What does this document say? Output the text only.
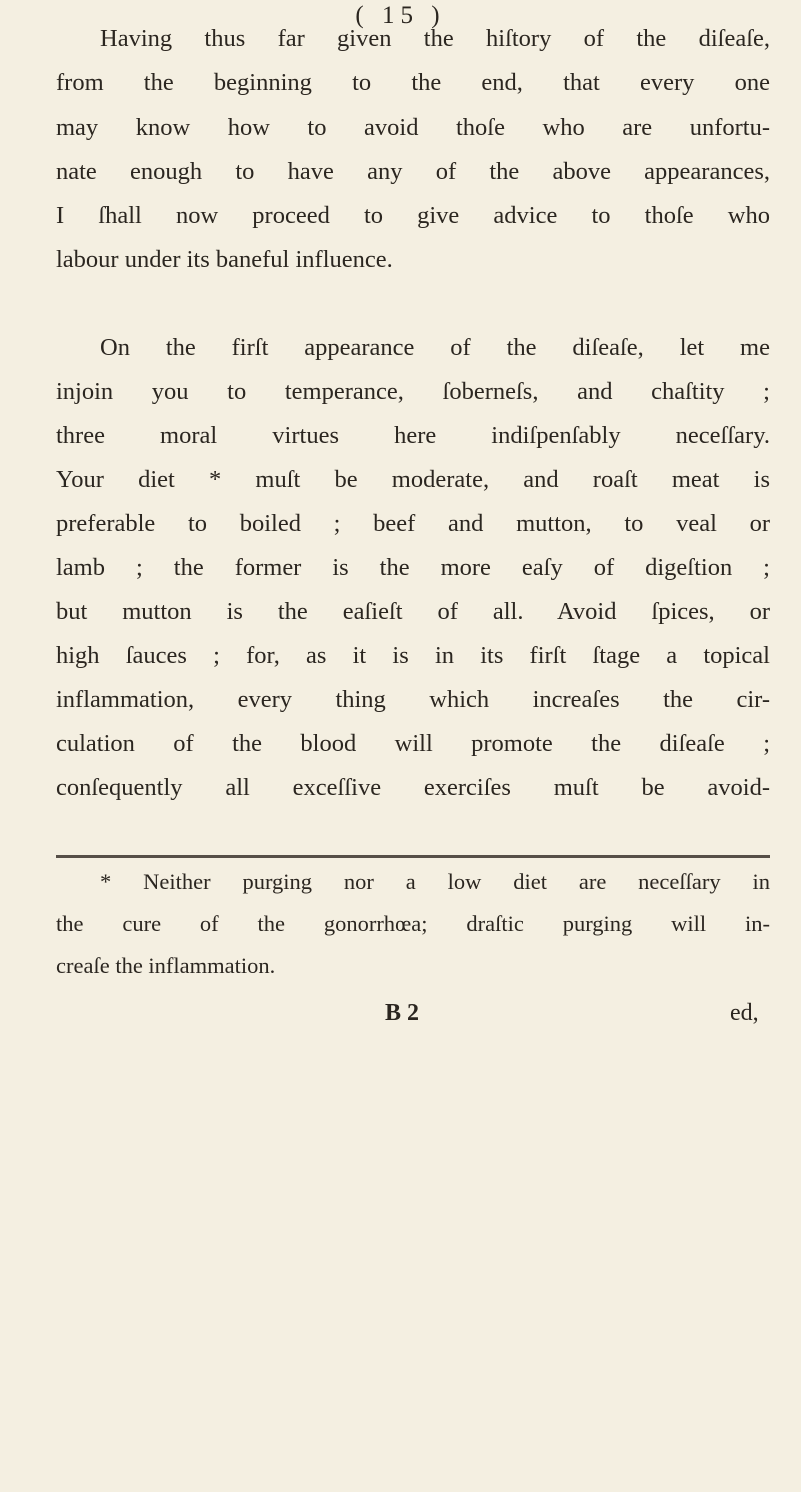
( 15 )
Having thus far given the hiſtory of the diſeaſe,
from the beginning to the end, that every one
may know how to avoid thoſe who are unfortu-
nate enough to have any of the above appearances,
I ſhall now proceed to give advice to thoſe who
labour under its baneful influence.
On the firſt appearance of the diſeaſe, let me
injoin you to temperance, ſoberneſs, and chaſtity ;
three moral virtues here indiſpenſably neceſſary.
Your diet * muſt be moderate, and roaſt meat is
preferable to boiled ; beef and mutton, to veal or
lamb ; the former is the more eaſy of digeſtion ;
but mutton is the eaſieſt of all. Avoid ſpices, or
high ſauces ; for, as it is in its firſt ſtage a topical
inflammation, every thing which increaſes the cir-
culation of the blood will promote the diſeaſe ;
conſequently all exceſſive exerciſes muſt be avoid-
* Neither purging nor a low diet are neceſſary in
the cure of the gonorrhœa; draſtic purging will in-
creaſe the inflammation.
B 2	ed,
